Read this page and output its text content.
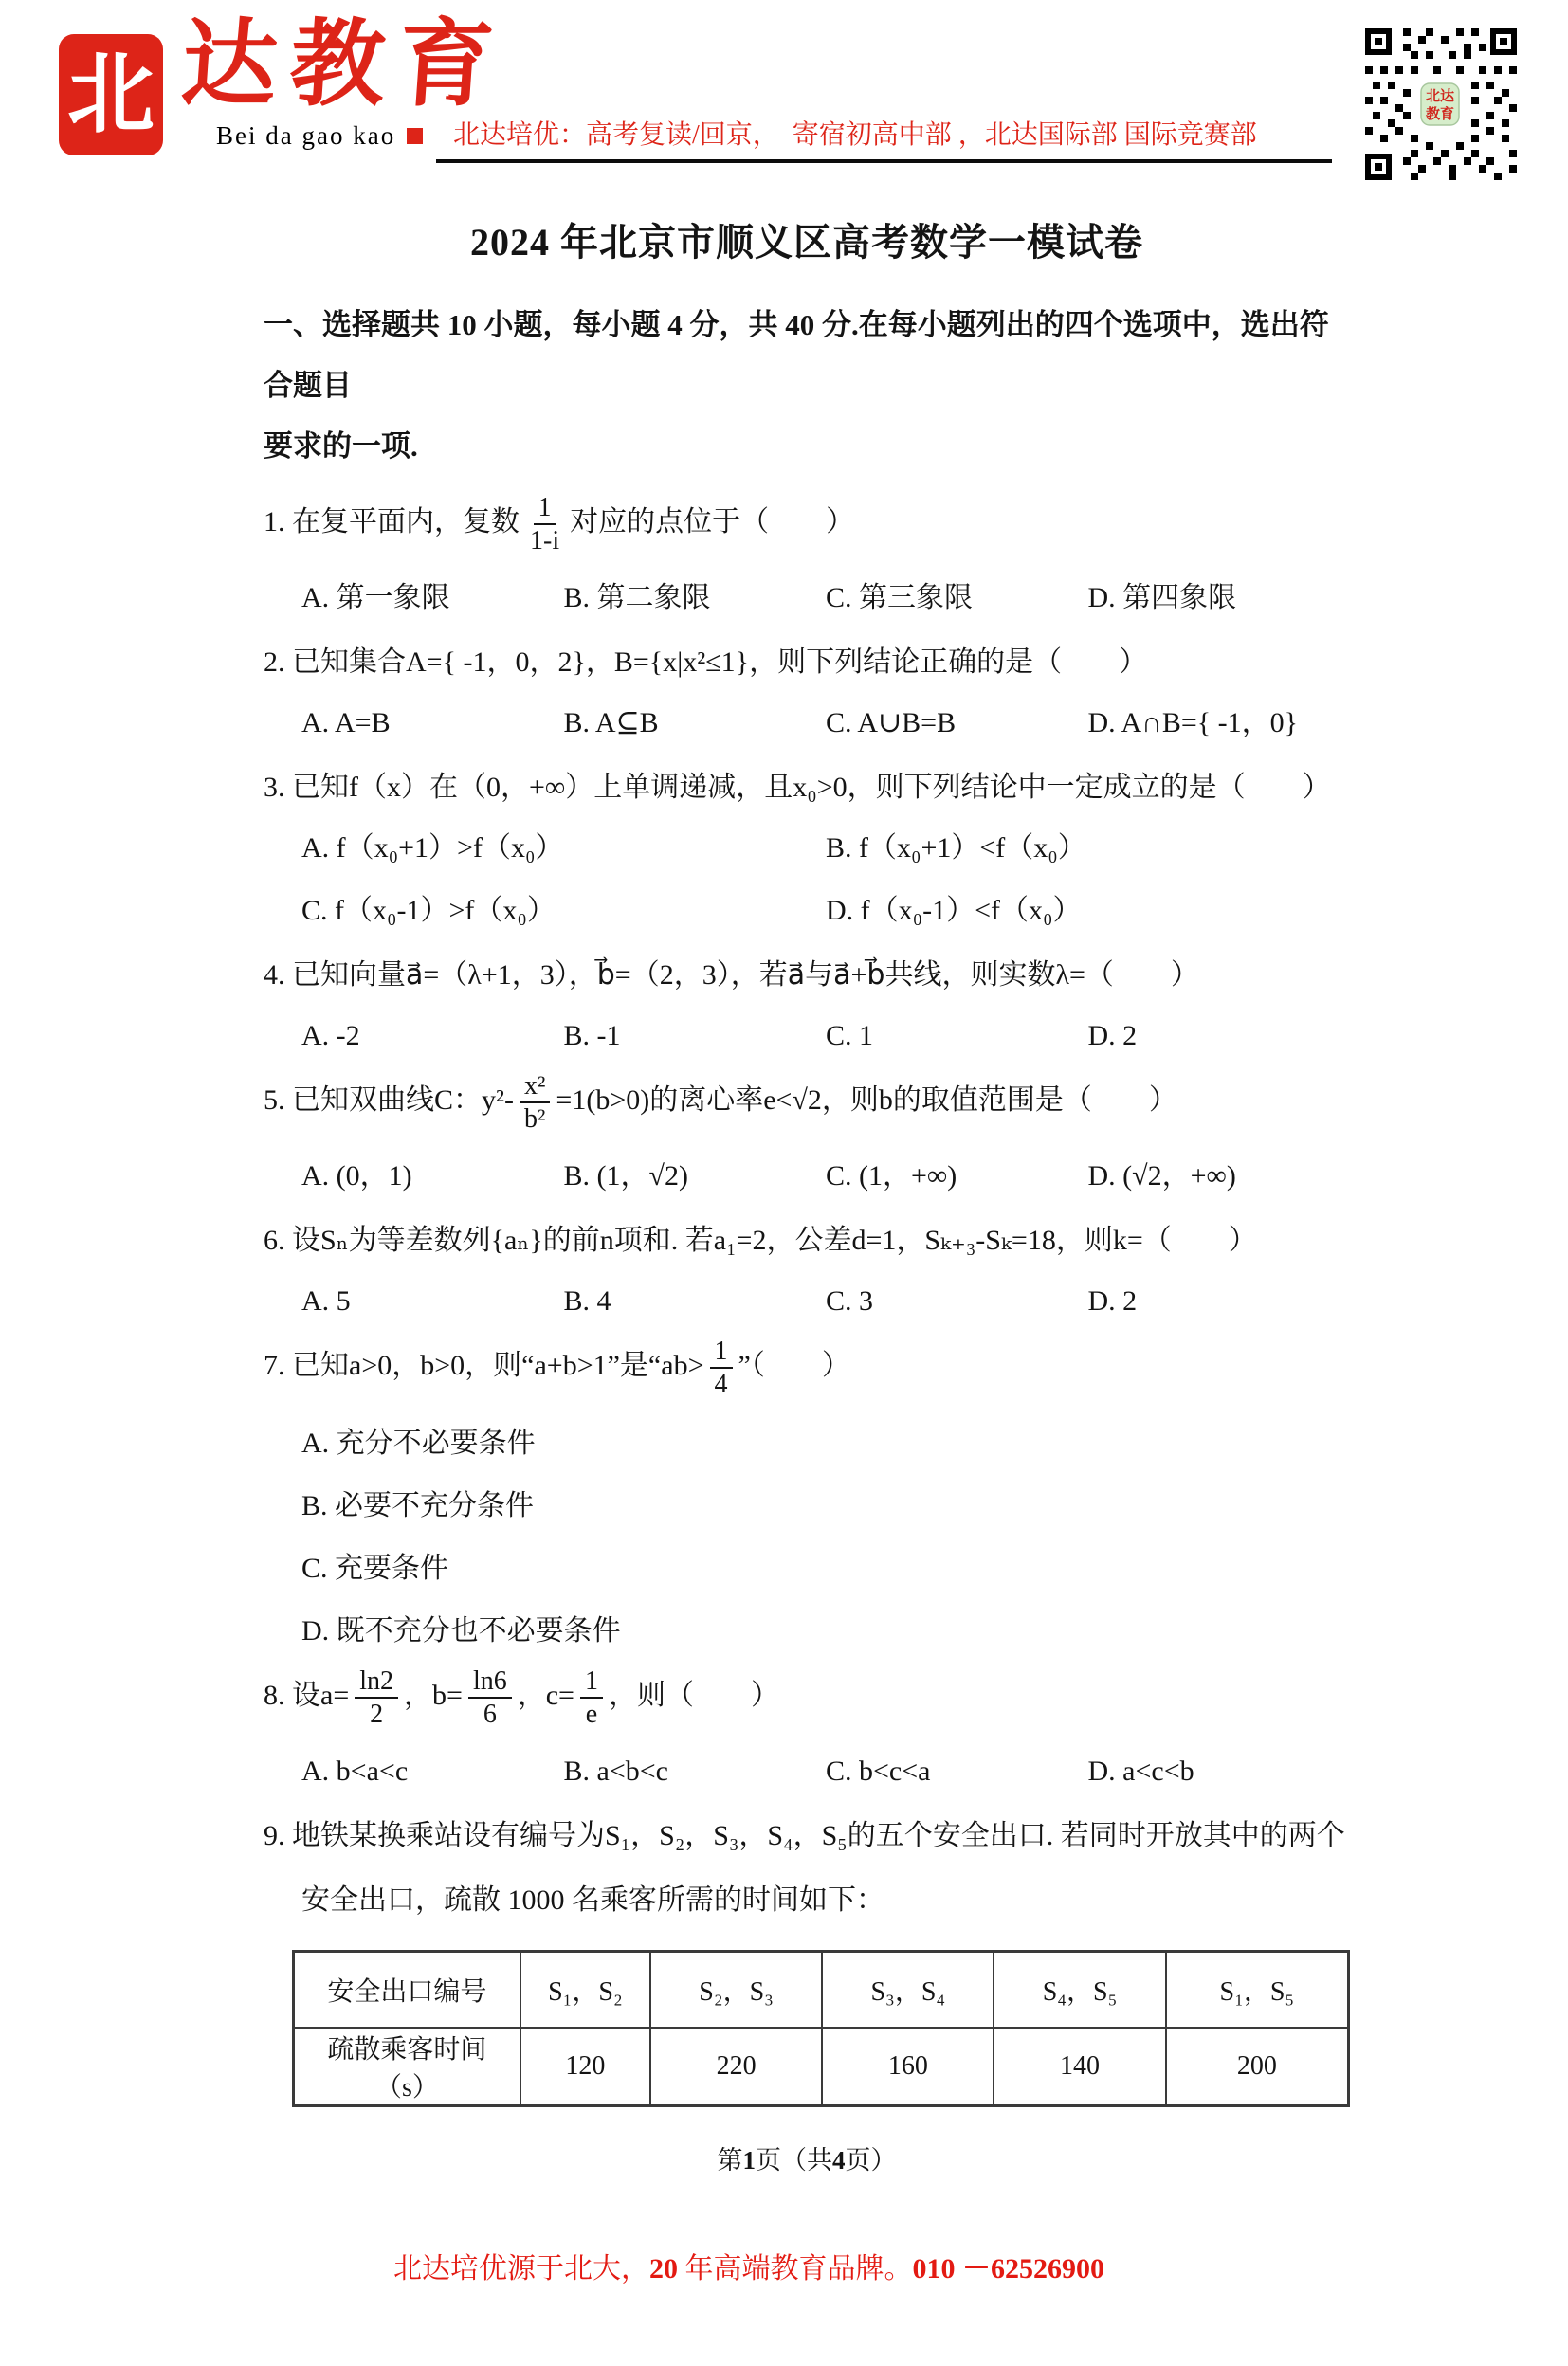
北 达教育
Bei da gao kao	北达培优：高考复读/回京，  寄宿初高中部 ，北达国际部 国际竞赛部
北达
教育
2024 年北京市顺义区高考数学一模试卷
一、选择题共 10 小题，每小题 4 分，共 40 分.在每小题列出的四个选项中，选出符合题目
要求的一项.
1. 在复平面内，复数 $\frac{1}{1-i}$ 对应的点位于（　　）
A. 第一象限	B. 第二象限	C. 第三象限	D. 第四象限
2. 已知集合A={ -1，0，2}，B={x|x²≤1}，则下列结论正确的是（　　）
A. A=B	B. A⊆B	C. A∪B=B	D. A∩B={ -1，0}
3. 已知f（x）在（0，+∞）上单调递减，且x₀>0，则下列结论中一定成立的是（　　）
A. f（x₀+1）>f（x₀）	B. f（x₀+1）<f（x₀）
C. f（x₀-1）>f（x₀）	D. f（x₀-1）<f（x₀）
4. 已知向量a⃗=（λ+1，3），b⃗=（2，3），若a⃗与a⃗+b⃗共线，则实数λ=（　　）
A. -2	B. -1	C. 1	D. 2
5. 已知双曲线C：$y^2- \frac{\text{x²}}{\text{b²}} =1(b>0)$的离心率e<√2，则b的取值范围是（　　）
A. (0，1)	B. (1，√2)	C. (1，+∞)	D. (√2，+∞)
6. 设Sₙ为等差数列{aₙ}的前n项和. 若a₁=2，公差d=1，Sₖ₊₃-Sₖ=18，则k=（　　）
A. 5	B. 4	C. 3	D. 2
7. 已知a>0，b>0，则“a+b>1”是“$ab> \frac{1}{4}$ ”（　　）
A. 充分不必要条件
B. 必要不充分条件
C. 充要条件
D. 既不充分也不必要条件
8. 设$a= \frac{\ln 2}{2}$ ，$b= \frac{\ln 6}{6}$ ，$c= \frac{1}{e}$ ，则（　　）
A. b<a<c	B. a<b<c	C. b<c<a	D. a<c<b
9. 地铁某换乘站设有编号为S₁，S₂，S₃，S₄，S₅的五个安全出口. 若同时开放其中的两个
安全出口，疏散 1000 名乘客所需的时间如下：
安全出口编号	S₁，S₂	S₂，S₃	S₃，S₄	S₄，S₅	S₁，S₅
疏散乘客时间（s）	120	220	160	140	200
第1页（共4页）

北达培优源于北大，20 年高端教育品牌。010 －62526900
